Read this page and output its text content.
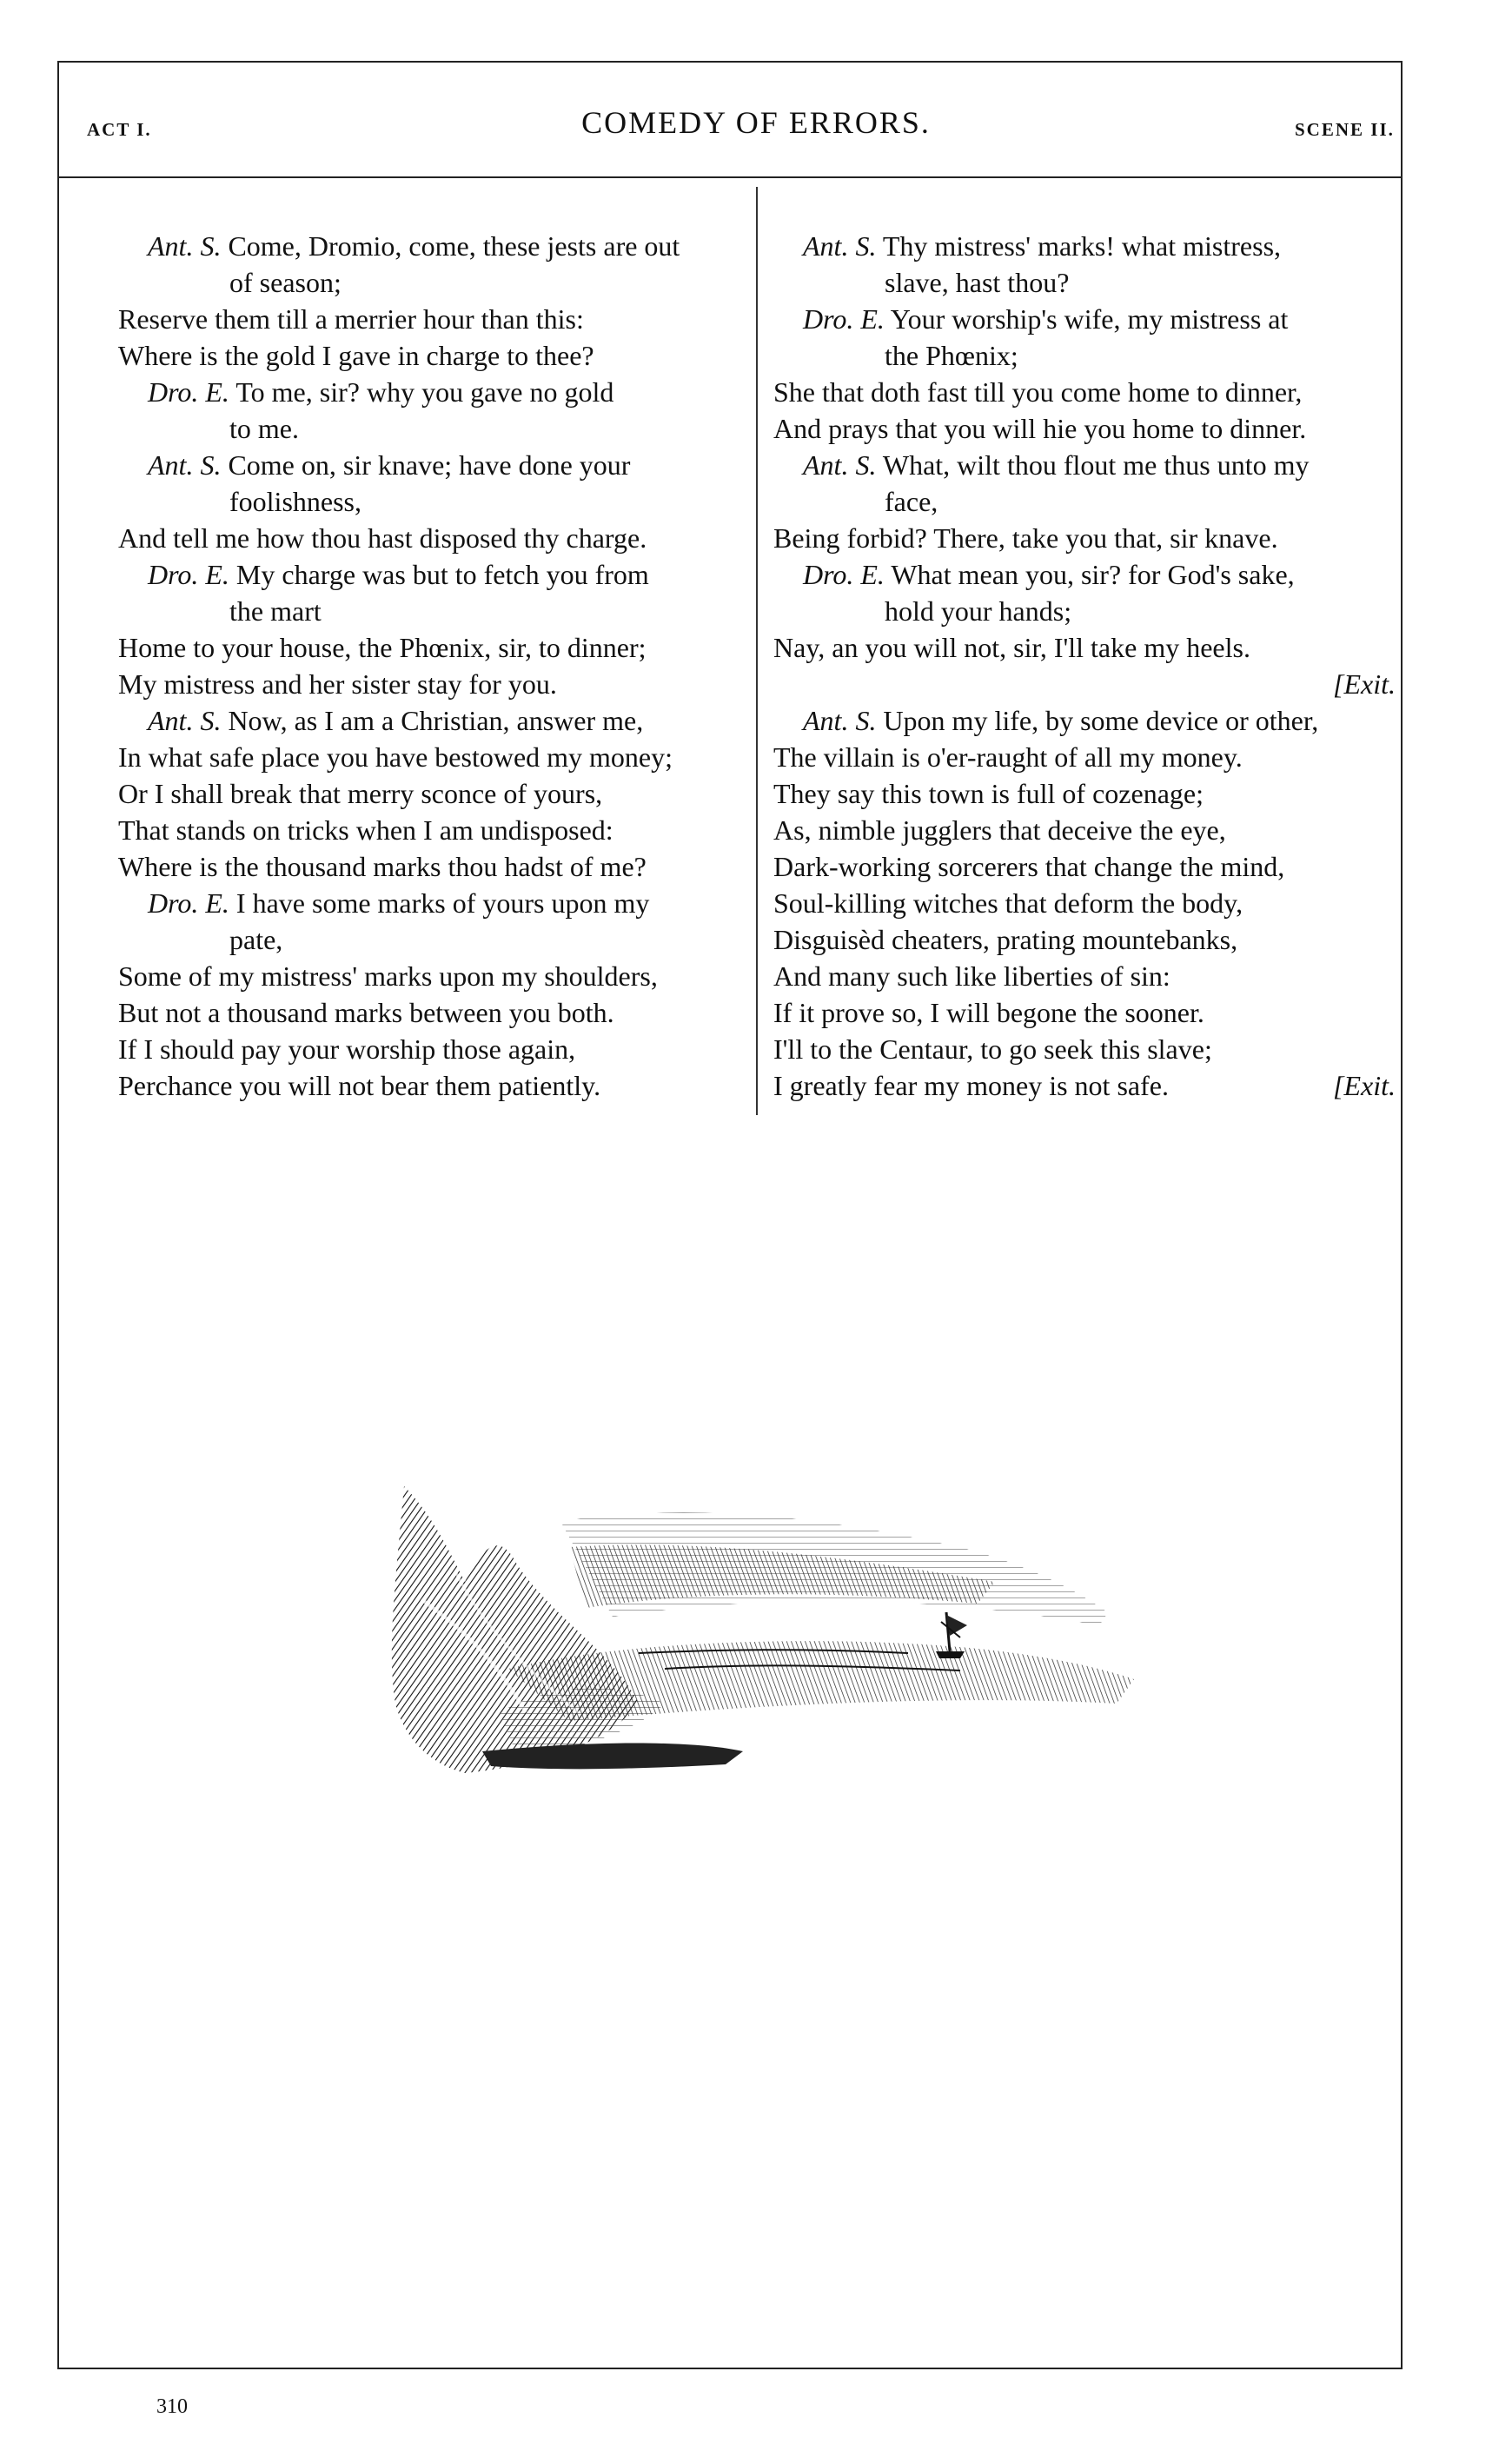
ACT I.	COMEDY OF ERRORS.	SCENE II.
Ant. S. Come, Dromio, come, these jests are out
of season;
Reserve them till a merrier hour than this:
Where is the gold I gave in charge to thee?
Dro. E. To me, sir? why you gave no gold
to me.
Ant. S. Come on, sir knave; have done your
foolishness,
And tell me how thou hast disposed thy charge.
Dro. E. My charge was but to fetch you from
the mart
Home to your house, the Phœnix, sir, to dinner;
My mistress and her sister stay for you.
Ant. S. Now, as I am a Christian, answer me,
In what safe place you have bestowed my money;
Or I shall break that merry sconce of yours,
That stands on tricks when I am undisposed:
Where is the thousand marks thou hadst of me?
Dro. E. I have some marks of yours upon my
pate,
Some of my mistress' marks upon my shoulders,
But not a thousand marks between you both.
If I should pay your worship those again,
Perchance you will not bear them patiently.
Ant. S. Thy mistress' marks! what mistress,
slave, hast thou?
Dro. E. Your worship's wife, my mistress at
the Phœnix;
She that doth fast till you come home to dinner,
And prays that you will hie you home to dinner.
Ant. S. What, wilt thou flout me thus unto my
face,
Being forbid? There, take you that, sir knave.
Dro. E. What mean you, sir? for God's sake,
hold your hands;
Nay, an you will not, sir, I'll take my heels.
[Exit.
Ant. S. Upon my life, by some device or other,
The villain is o'er-raught of all my money.
They say this town is full of cozenage;
As, nimble jugglers that deceive the eye,
Dark-working sorcerers that change the mind,
Soul-killing witches that deform the body,
Disguisèd cheaters, prating mountebanks,
And many such like liberties of sin:
If it prove so, I will begone the sooner.
I'll to the Centaur, to go seek this slave;
I greatly fear my money is not safe.	[Exit.
310
